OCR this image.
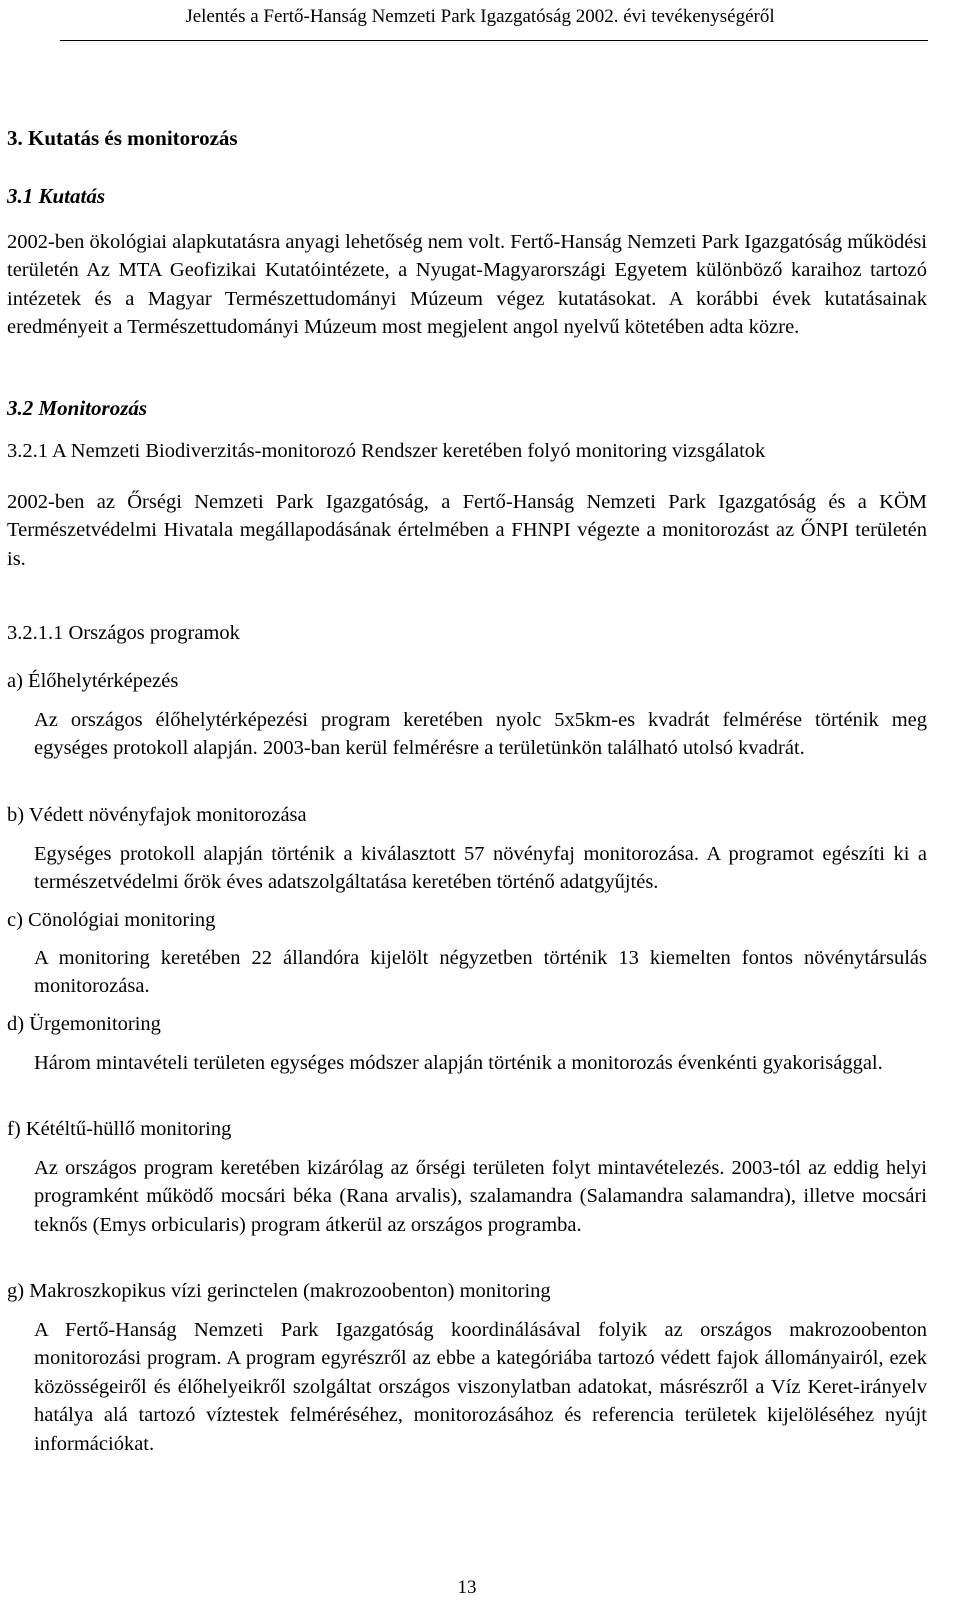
Jelentés a Fertő-Hanság Nemzeti Park Igazgatóság 2002. évi tevékenységéről
3. Kutatás és monitorozás
3.1 Kutatás
2002-ben ökológiai alapkutatásra anyagi lehetőség nem volt. Fertő-Hanság Nemzeti Park Igazgatóság működési területén Az MTA Geofizikai Kutatóintézete, a Nyugat-Magyarországi Egyetem különböző karaihoz tartozó intézetek és a Magyar Természettudományi Múzeum végez kutatásokat. A korábbi évek kutatásainak eredményeit a Természettudományi Múzeum most megjelent angol nyelvű kötetében adta közre.
3.2 Monitorozás
3.2.1 A Nemzeti Biodiverzitás-monitorozó Rendszer keretében folyó monitoring vizsgálatok
2002-ben az Őrségi Nemzeti Park Igazgatóság, a Fertő-Hanság Nemzeti Park Igazgatóság és a KÖM Természetvédelmi Hivatala megállapodásának értelmében a FHNPI végezte a monitorozást az ŐNPI területén is.
3.2.1.1 Országos programok
a) Élőhelytérképezés
Az országos élőhelytérképezési program keretében nyolc 5x5km-es kvadrát felmérése történik meg egységes protokoll alapján. 2003-ban kerül felmérésre a területünkön található utolsó kvadrát.
b) Védett növényfajok monitorozása
Egységes protokoll alapján történik a kiválasztott 57 növényfaj monitorozása. A programot egészíti ki a természetvédelmi őrök éves adatszolgáltatása keretében történő adatgyűjtés.
c) Cönológiai monitoring
A monitoring keretében 22 állandóra kijelölt négyzetben történik 13 kiemelten fontos növénytársulás monitorozása.
d) Ürgemonitoring
Három mintavételi területen egységes módszer alapján történik a monitorozás évenkénti gyakorisággal.
f) Kétéltű-hüllő monitoring
Az országos program keretében kizárólag az őrségi területen folyt mintavételezés. 2003-tól az eddig helyi programként működő mocsári béka (Rana arvalis), szalamandra (Salamandra salamandra), illetve mocsári teknős (Emys orbicularis) program átkerül az országos programba.
g) Makroszkopikus vízi gerinctelen (makrozoobenton) monitoring
A Fertő-Hanság Nemzeti Park Igazgatóság koordinálásával folyik az országos makrozoobenton monitorozási program. A program egyrészről az ebbe a kategóriába tartozó védett fajok állományairól, ezek közösségeiről és élőhelyeikről szolgáltat országos viszonylatban adatokat, másrészről a Víz Keret-irányelv hatálya alá tartozó víztestek felméréséhez, monitorozásához és referencia területek kijelöléséhez nyújt információkat.
13
